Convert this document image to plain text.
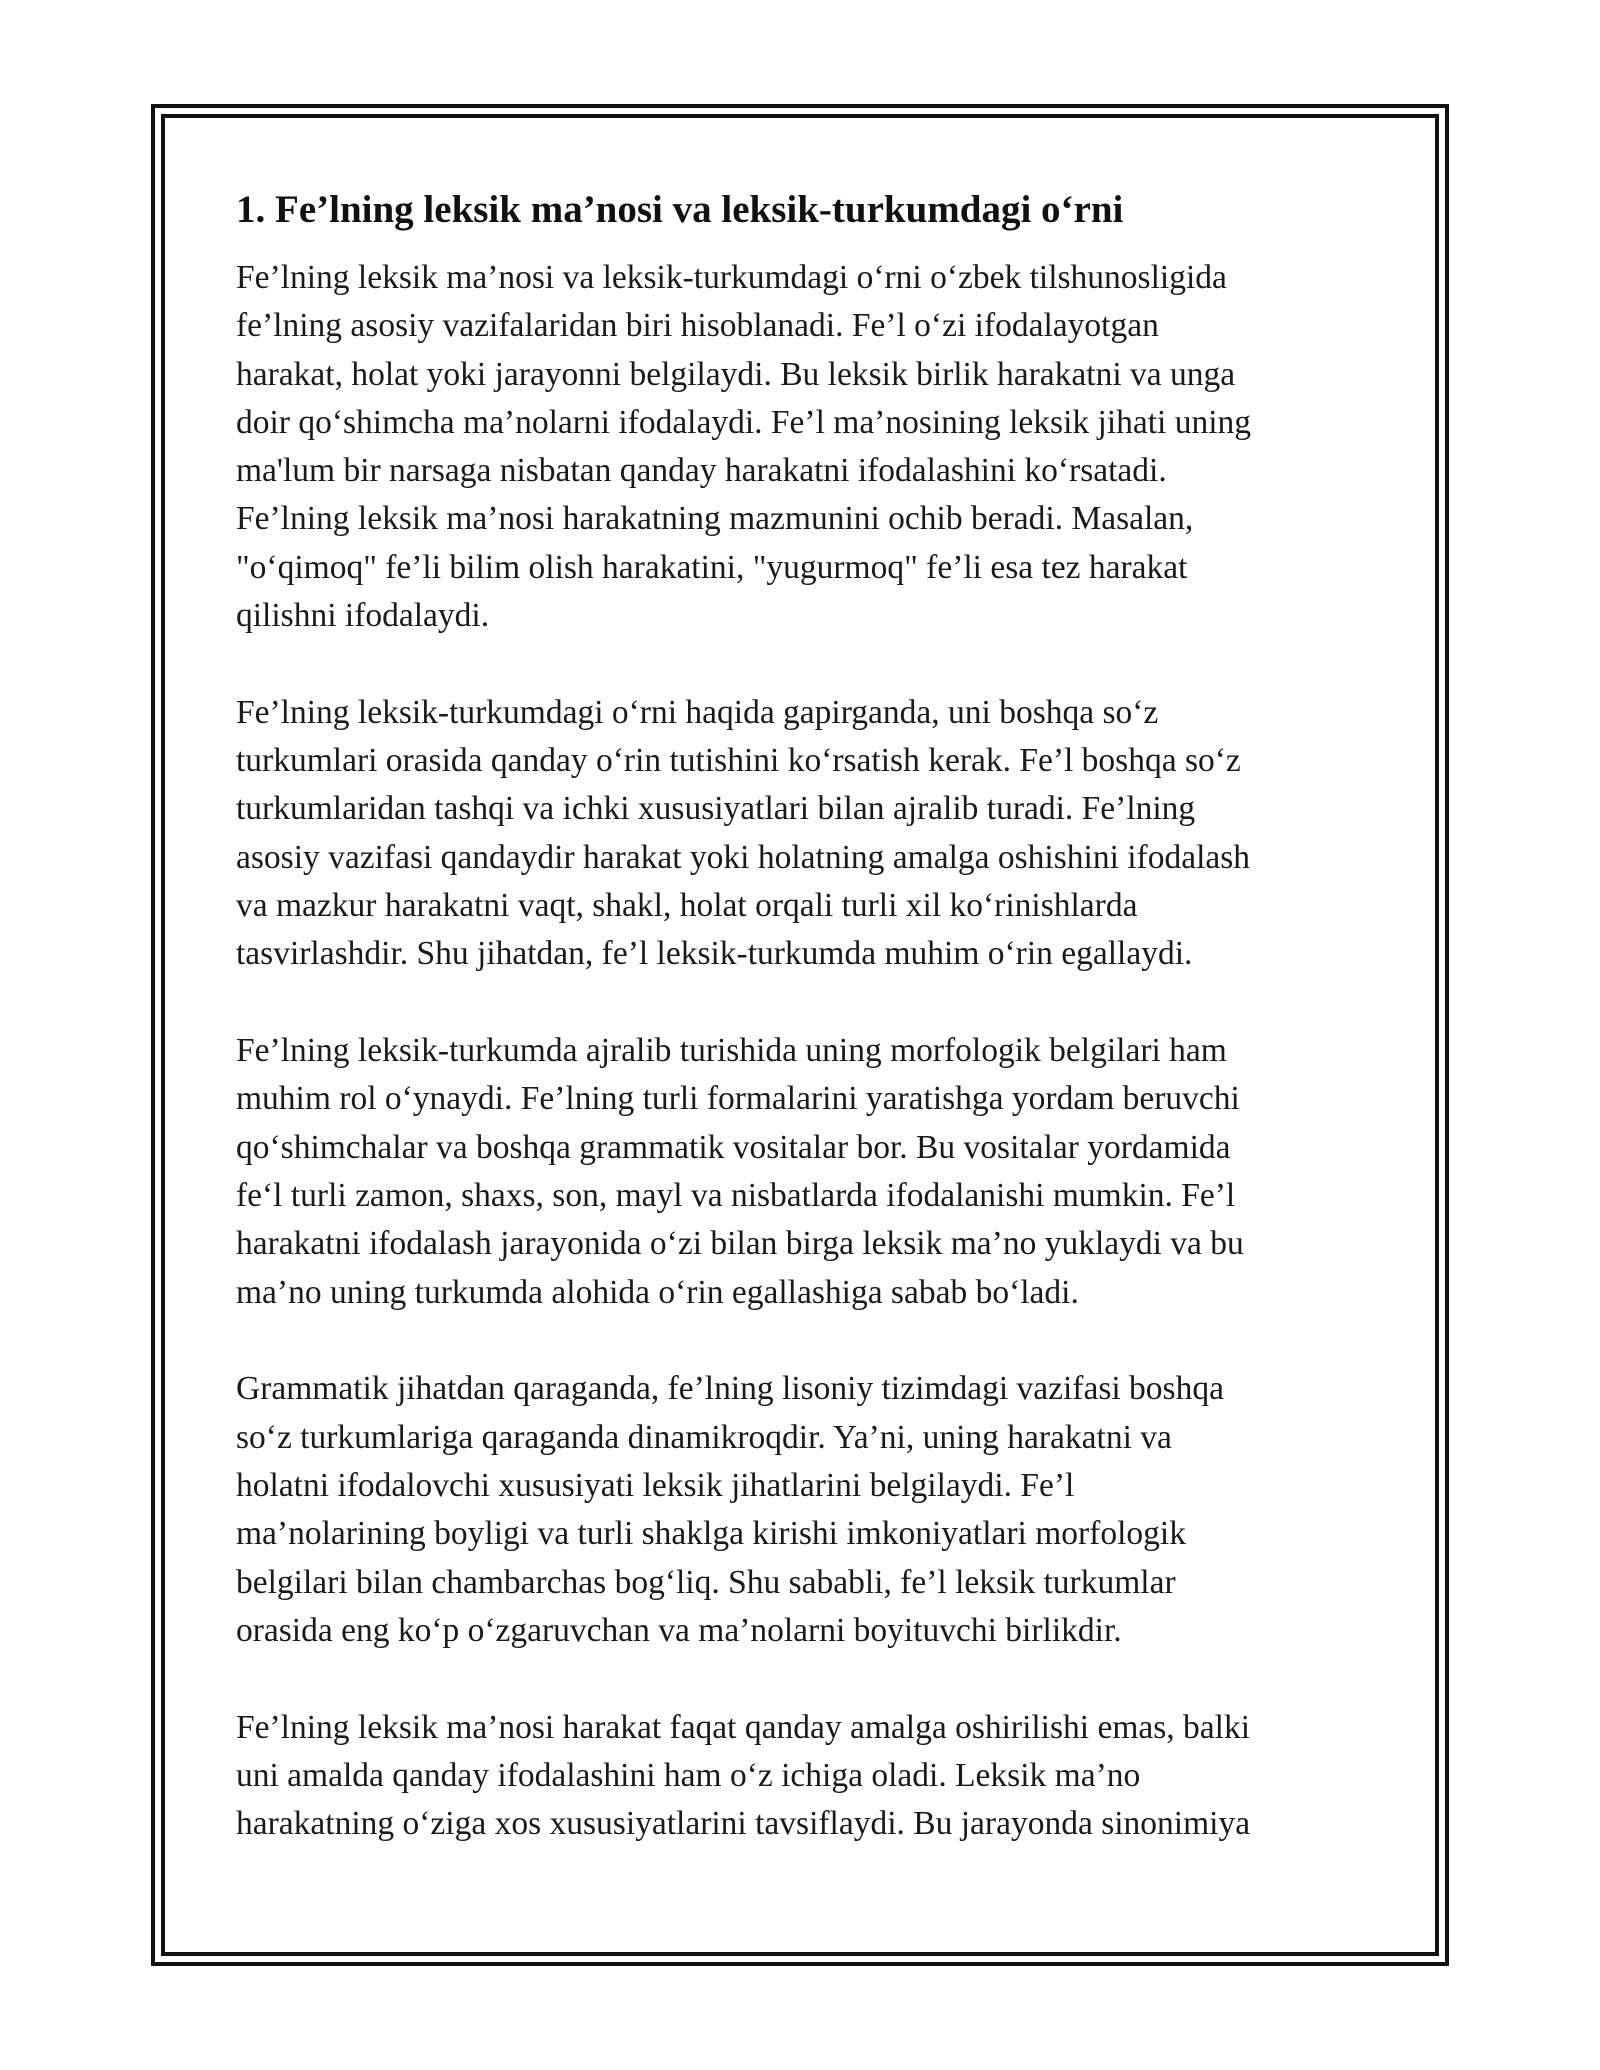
1. Fe’lning leksik ma’nosi va leksik-turkumdagi o‘rni
Fe’lning leksik ma’nosi va leksik-turkumdagi o‘rni o‘zbek tilshunosligida
fe’lning asosiy vazifalaridan biri hisoblanadi. Fe’l o‘zi ifodalayotgan
harakat, holat yoki jarayonni belgilaydi. Bu leksik birlik harakatni va unga
doir qo‘shimcha ma’nolarni ifodalaydi. Fe’l ma’nosining leksik jihati uning
ma'lum bir narsaga nisbatan qanday harakatni ifodalashini ko‘rsatadi.
Fe’lning leksik ma’nosi harakatning mazmunini ochib beradi. Masalan,
"o‘qimoq" fe’li bilim olish harakatini, "yugurmoq" fe’li esa tez harakat
qilishni ifodalaydi.
Fe’lning leksik-turkumdagi o‘rni haqida gapirganda, uni boshqa so‘z
turkumlari orasida qanday o‘rin tutishini ko‘rsatish kerak. Fe’l boshqa so‘z
turkumlaridan tashqi va ichki xususiyatlari bilan ajralib turadi. Fe’lning
asosiy vazifasi qandaydir harakat yoki holatning amalga oshishini ifodalash
va mazkur harakatni vaqt, shakl, holat orqali turli xil ko‘rinishlarda
tasvirlashdir. Shu jihatdan, fe’l leksik-turkumda muhim o‘rin egallaydi.
Fe’lning leksik-turkumda ajralib turishida uning morfologik belgilari ham
muhim rol o‘ynaydi. Fe’lning turli formalarini yaratishga yordam beruvchi
qo‘shimchalar va boshqa grammatik vositalar bor. Bu vositalar yordamida
fe‘l turli zamon, shaxs, son, mayl va nisbatlarda ifodalanishi mumkin. Fe’l
harakatni ifodalash jarayonida o‘zi bilan birga leksik ma’no yuklaydi va bu
ma’no uning turkumda alohida o‘rin egallashiga sabab bo‘ladi.
Grammatik jihatdan qaraganda, fe’lning lisoniy tizimdagi vazifasi boshqa
so‘z turkumlariga qaraganda dinamikroqdir. Ya’ni, uning harakatni va
holatni ifodalovchi xususiyati leksik jihatlarini belgilaydi. Fe’l
ma’nolarining boyligi va turli shaklga kirishi imkoniyatlari morfologik
belgilari bilan chambarchas bog‘liq. Shu sababli, fe’l leksik turkumlar
orasida eng ko‘p o‘zgaruvchan va ma’nolarni boyituvchi birlikdir.
Fe’lning leksik ma’nosi harakat faqat qanday amalga oshirilishi emas, balki
uni amalda qanday ifodalashini ham o‘z ichiga oladi. Leksik ma’no
harakatning o‘ziga xos xususiyatlarini tavsiflaydi. Bu jarayonda sinonimiya
